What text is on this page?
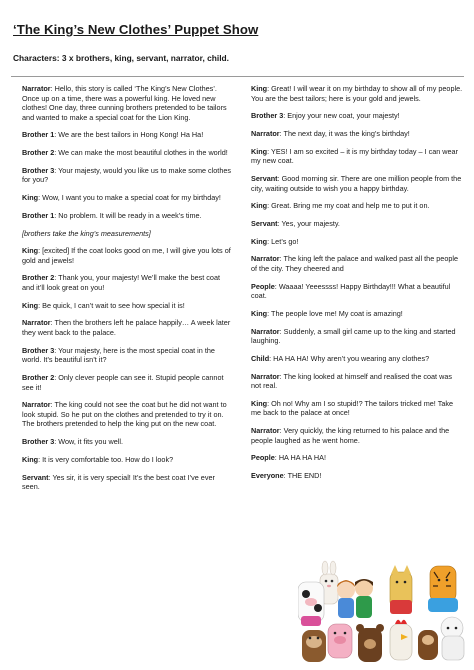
‘The King’s New Clothes’ Puppet Show
Characters: 3 x brothers, king, servant, narrator, child.

Narrator: Hello, this story is called ‘The King’s New Clothes’. Once up on a time, there was a powerful king. He loved new clothes! One day, three cunning brothers pretended to be tailors and wanted to make a special coat for the Lion King.

Brother 1: We are the best tailors in Hong Kong! Ha Ha!

Brother 2: We can make the most beautiful clothes in the world!

Brother 3: Your majesty, would you like us to make some clothes for you?

King: Wow, I want you to make a special coat for my birthday!

Brother 1: No problem. It will be ready in a week’s time.

[brothers take the king’s measurements]

King: [excited] If the coat looks good on me, I will give you lots of gold and jewels!

Brother 2: Thank you, your majesty! We’ll make the best coat and it’ll look great on you!

King: Be quick, I can’t wait to see how special it is!

Narrator: Then the brothers left he palace happily… A week later they went back to the palace.

Brother 3: Your majesty, here is the most special coat in the world. It’s beautiful isn’t it?

Brother 2: Only clever people can see it. Stupid people cannot see it!

Narrator: The king could not see the coat but he did not want to look stupid. So he put on the clothes and pretended to try it on. The brothers pretended to help the king put on the new coat.

Brother 3: Wow, it fits you well.

King: It is very comfortable too. How do I look?

Servant: Yes sir, it is very special! It’s the best coat I’ve ever seen.

King: Great! I will wear it on my birthday to show all of my people. You are the best tailors; here is your gold and jewels.

Brother 3: Enjoy your new coat, your majesty!

Narrator: The next day, it was the king’s birthday!

King: YES! I am so excited – it is my birthday today – I can wear my new coat.

Servant: Good morning sir. There are one million people from the city, waiting outside to wish you a happy birthday.

King: Great. Bring me my coat and help me to put it on.

Servant: Yes, your majesty.

King: Let’s go!

Narrator: The king left the palace and walked past all the people of the city. They cheered and

People: Waaaa! Yeeessss! Happy Birthday!!! What a beautiful coat.

King: The people love me! My coat is amazing!

Narrator: Suddenly, a small girl came up to the king and started laughing.

Child: HA HA HA! Why aren’t you wearing any clothes?

Narrator: The king looked at himself and realised the coat was not real.

King: Oh no! Why am I so stupid!? The tailors tricked me! Take me back to the palace at once!

Narrator: Very quickly, the king returned to his palace and the people laughed as he went home.

People: HA HA HA HA!

Everyone: THE END!
